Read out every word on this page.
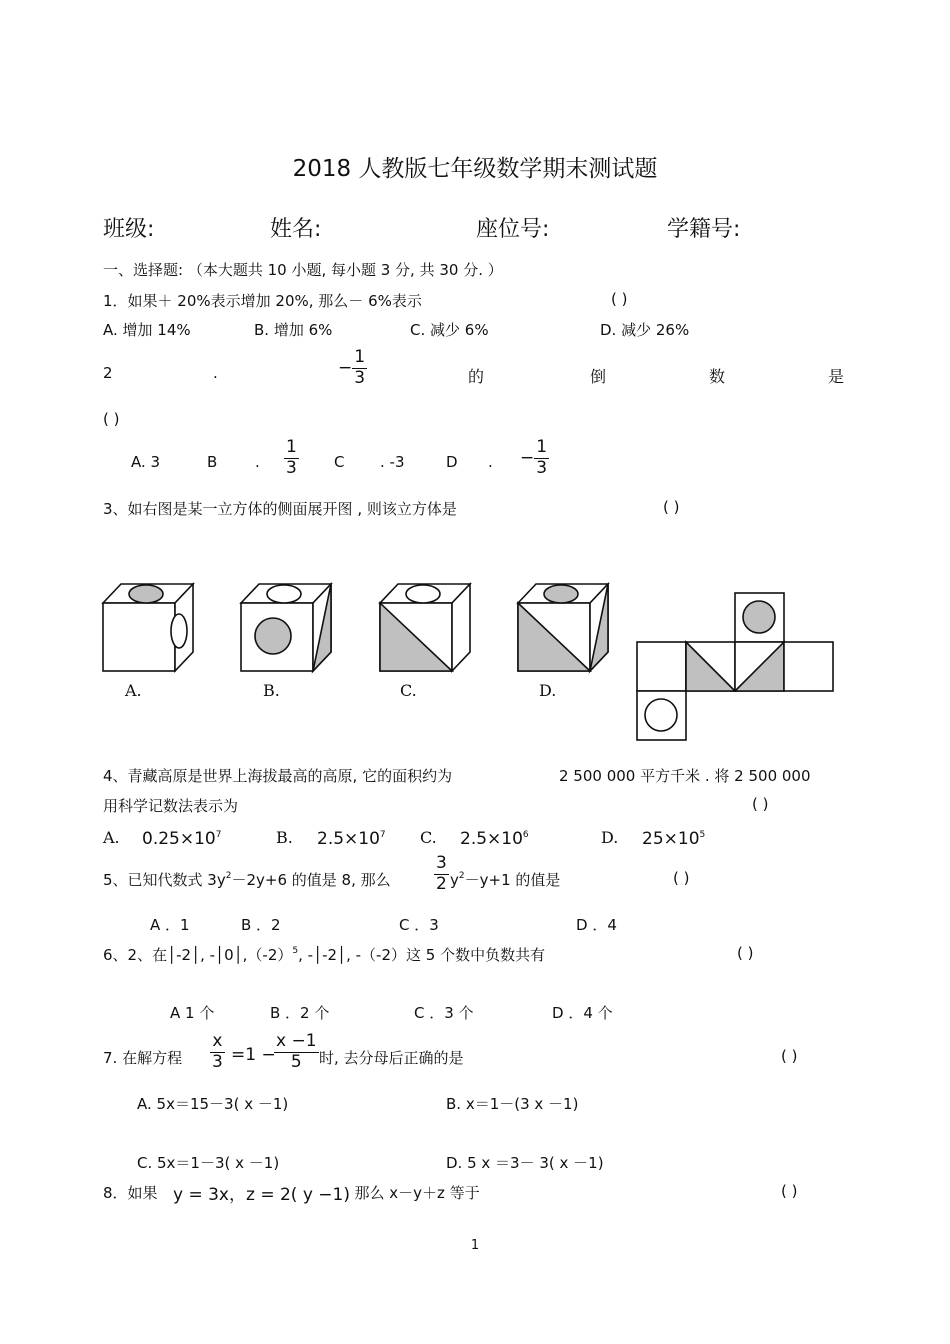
2018 人教版七年级数学期末测试题
班级:	姓名:	座位号:	学籍号:
一、选择题: （本大题共 10 小题, 每小题 3 分, 共 30 分. ）
1．如果＋ 20%表示增加 20%, 那么－ 6%表示	( )
A. 增加 14%	B. 增加 6%	C. 减少 6%	D. 减少 26%
2	.	− $\frac{1}{3}$	的	倒	数	是
( )
A. 3	B	. $\frac{1}{3}$ C . -3	D . − $\frac{1}{3}$
3、如右图是某一立方体的侧面展开图 , 则该立方体是	( )
A.	B.	C.	D.
4、青藏高原是世界上海拔最高的高原, 它的面积约为	2 500 000 平方千米 . 将 2 500 000
用科学记数法表示为	( )
A. $0.25\times 10^7$	B. $2.5\times 10^7$ C. $2.5\times 10^6$	D. $25\times 10^5$
5、已知代数式 $3y^2-2y+6$ 的值是 8, 那么	$\frac{3}{2} y^2-y+1$ 的值是	( )
A ．1	B ．2	C ．3	D ．4
6、2、在│-2│, $-│0│,(-2)^5$, -│-2│, -（-2）这 5 个数中负数共有	( )
A 1 个	B ．2 个	C ．3 个	D ．4 个
7. 在解方程 $\frac{x}{3} =1$ −
$\frac{x -1}{5}$ 时, 去分母后正确的是	( )
A. 5x＝15－3( x －1)	B. x＝1－(3 x －1)
C. 5x＝1－3( x －1)	D. 5 x ＝3－ 3( x －1)
8．如果 y = 3x，z = 2( y −1)
, 那么 x－y＋z 等于	( )
1
